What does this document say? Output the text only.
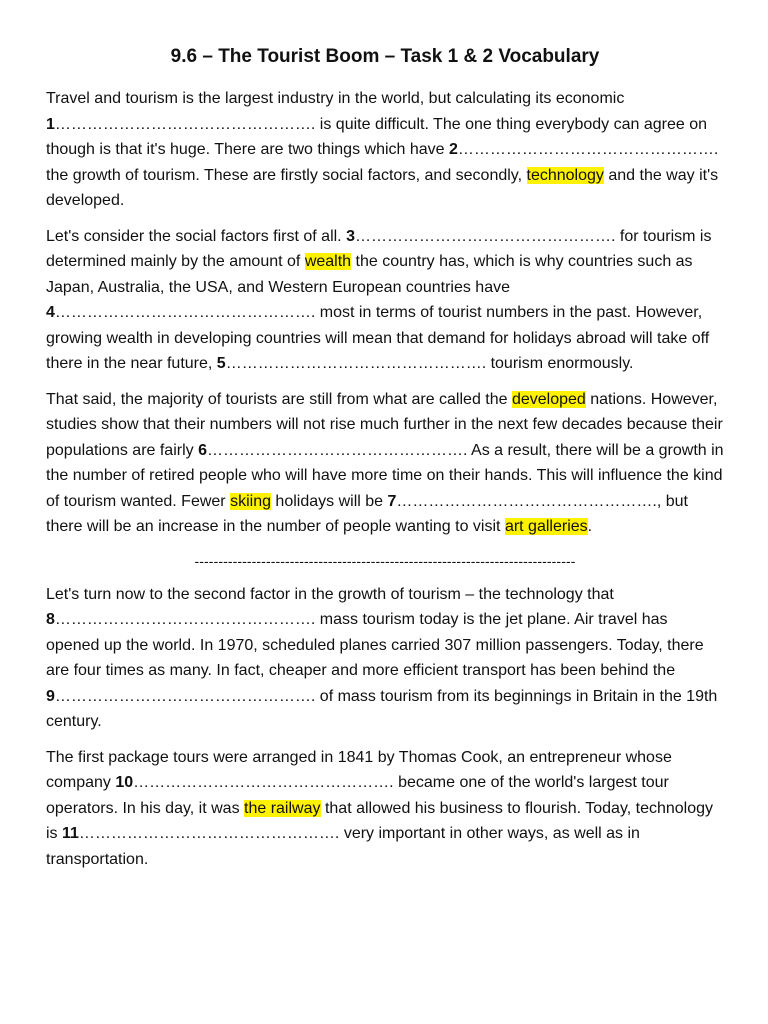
9.6 – The Tourist Boom – Task 1 & 2 Vocabulary

Travel and tourism is the largest industry in the world, but calculating its economic 1…………………………………………. is quite difficult. The one thing everybody can agree on though is that it's huge. There are two things which have 2…………………………………………. the growth of tourism. These are firstly social factors, and secondly, technology and the way it's developed.

Let's consider the social factors first of all. 3…………………………………………. for tourism is determined mainly by the amount of wealth the country has, which is why countries such as Japan, Australia, the USA, and Western European countries have 4…………………………………………. most in terms of tourist numbers in the past. However, growing wealth in developing countries will mean that demand for holidays abroad will take off there in the near future, 5…………………………………………. tourism enormously.

That said, the majority of tourists are still from what are called the developed nations. However, studies show that their numbers will not rise much further in the next few decades because their populations are fairly 6…………………………………………. As a result, there will be a growth in the number of retired people who will have more time on their hands. This will influence the kind of tourism wanted. Fewer skiing holidays will be 7…………………………………………., but there will be an increase in the number of people wanting to visit art galleries.

--------------------------------------------------------------------------------

Let's turn now to the second factor in the growth of tourism – the technology that 8…………………………………………. mass tourism today is the jet plane. Air travel has opened up the world. In 1970, scheduled planes carried 307 million passengers. Today, there are four times as many. In fact, cheaper and more efficient transport has been behind the 9…………………………………………. of mass tourism from its beginnings in Britain in the 19th century.

The first package tours were arranged in 1841 by Thomas Cook, an entrepreneur whose company 10…………………………………………. became one of the world's largest tour operators. In his day, it was the railway that allowed his business to flourish. Today, technology is 11…………………………………………. very important in other ways, as well as in transportation.
